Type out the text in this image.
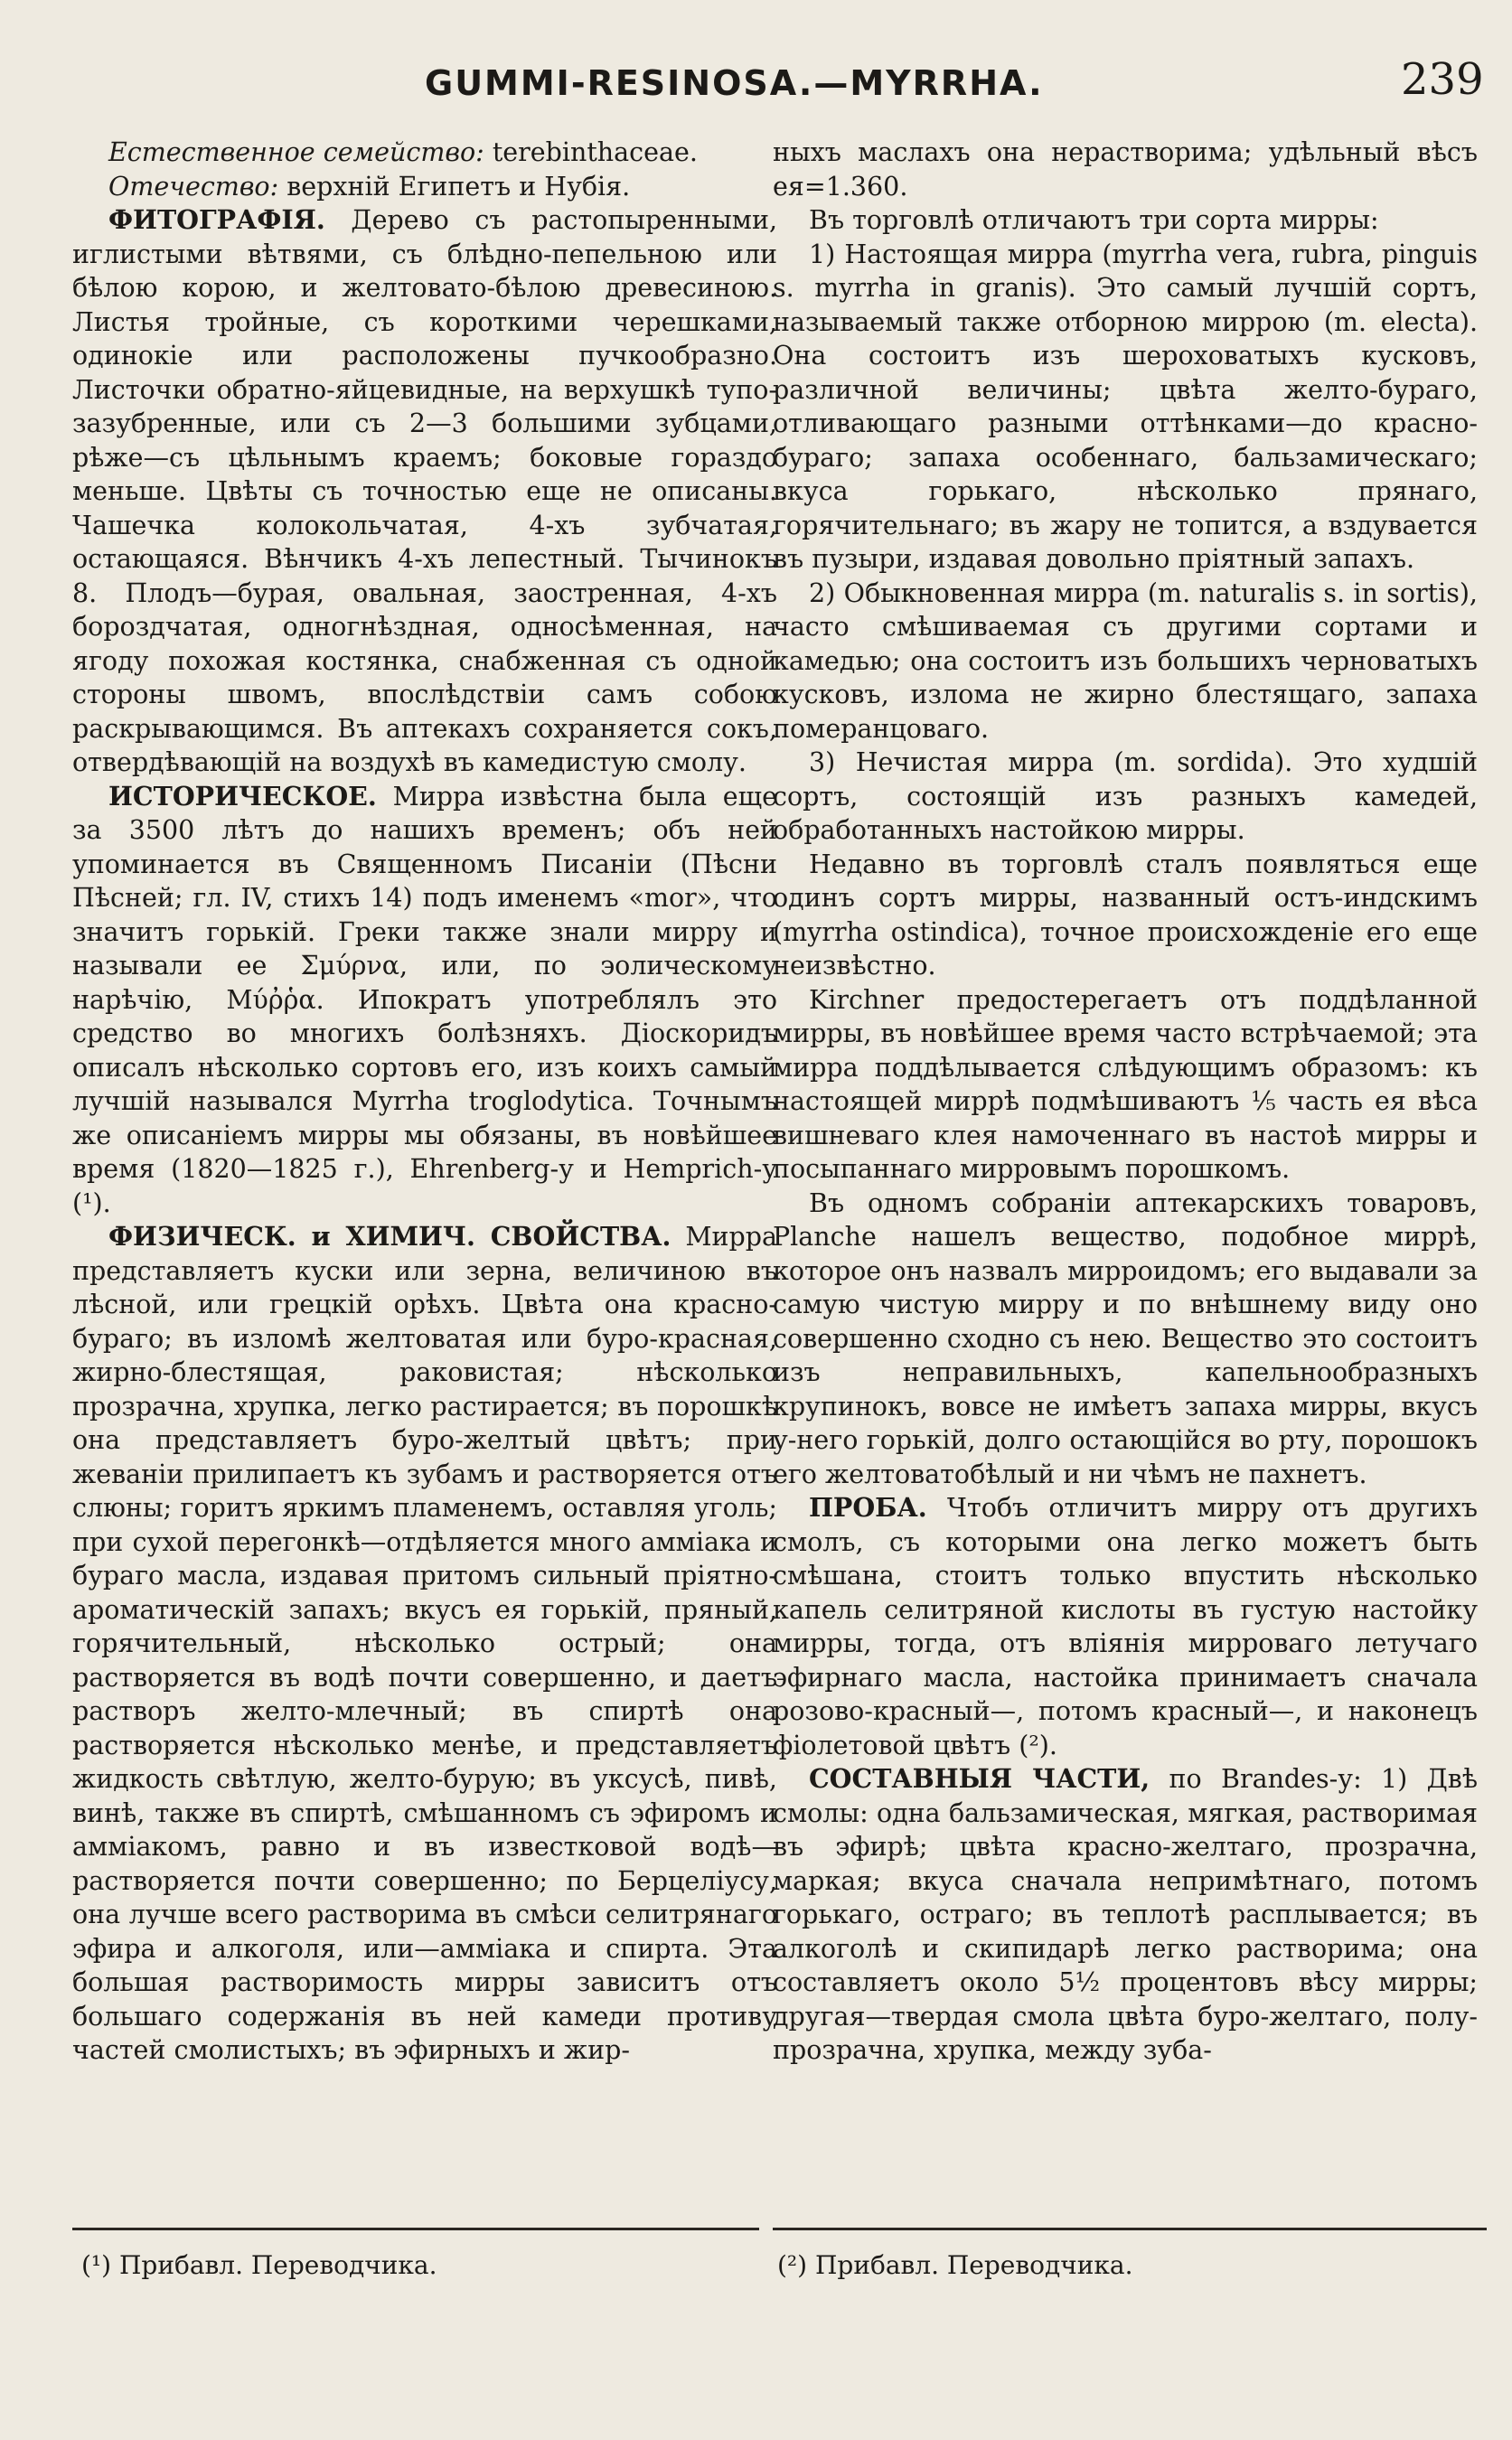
GUMMI-RESINOSA.—MYRRHA.	239

Естественное семейство: terebinthaceae.

Отечество: верхнiй Египетъ и Нубiя.

ФИТОГРАФIЯ. Дерево съ растопыренными, иглистыми вѣтвями, съ блѣдно-пепельною или бѣлою корою, и желтовато-бѣлою древесиною. Листья тройные, съ короткими черешками, одинокiе или расположены пучкообразно. Листочки обратно-яйцевидные, на верхушкѣ тупо-зазубренные, или съ 2—3 большими зубцами, рѣже—съ цѣльнымъ краемъ; боковые гораздо меньше. Цвѣты съ точностью еще не описаны. Чашечка колокольчатая, 4-хъ зубчатая, остающаяся. Вѣнчикъ 4-хъ лепестный. Тычинокъ 8. Плодъ—бурая, овальная, заостренная, 4-хъ бороздчатая, одногнѣздная, односѣменная, на ягоду похожая костянка, снабженная съ одной стороны швомъ, впослѣдствiи самъ собою раскрывающимся. Въ аптекахъ сохраняется сокъ, отвердѣвающiй на воздухѣ въ камедистую смолу.

ИСТОРИЧЕСКОЕ. Мирра извѣстна была еще за 3500 лѣтъ до нашихъ временъ; объ ней упоминается въ Священномъ Писанiи (Пѣсни Пѣсней; гл. IV, стихъ 14) подъ именемъ «mor», что значитъ горькiй. Греки также знали мирру и называли ее Σμύρνα, или, по эолическому нарѣчiю, Μύῤῥα. Ипократъ употреблялъ это средство во многихъ болѣзняхъ. Дiоскоридъ описалъ нѣсколько сортовъ его, изъ коихъ самый лучшiй назывался Myrrha troglodytica. Точнымъ же описанiемъ мирры мы обязаны, въ новѣйшее время (1820—1825 г.), Ehrenberg-у и Hemprich-у (¹).

ФИЗИЧЕСК. и ХИМИЧ. СВОЙСТВА. Мирра представляетъ куски или зерна, величиною въ лѣсной, или грецкiй орѣхъ. Цвѣта она красно-бураго; въ изломѣ желтоватая или буро-красная, жирно-блестящая, раковистая; нѣсколько прозрачна, хрупка, легко растирается; въ порошкѣ она представляетъ буро-желтый цвѣтъ; при жеванiи прилипаетъ къ зубамъ и растворяется отъ слюны; горитъ яркимъ пламенемъ, оставляя уголь; при сухой перегонкѣ—отдѣляется много аммiака и бураго масла, издавая притомъ сильный прiятно-ароматическiй запахъ; вкусъ ея горькiй, пряный, горячительный, нѣсколько острый; она растворяется въ водѣ почти совершенно, и даетъ растворъ желто-млечный; въ спиртѣ она растворяется нѣсколько менѣе, и представляетъ жидкость свѣтлую, желто-бурую; въ уксусѣ, пивѣ, винѣ, также въ спиртѣ, смѣшанномъ съ эфиромъ и аммiакомъ, равно и въ известковой водѣ—растворяется почти совершенно; по Берцелiусу, она лучше всего растворима въ смѣси селитрянаго эфира и алкоголя, или—аммiака и спирта. Эта большая растворимость мирры зависитъ отъ большаго содержанiя въ ней камеди противу частей смолистыхъ; въ эфирныхъ и жир-

ныхъ маслахъ она нерастворима; удѣльный вѣсъ ея=1.360.

Въ торговлѣ отличаютъ три сорта мирры:

1) Настоящая мирра (myrrha vera, rubra, pinguis s. myrrha in granis). Это самый лучшiй сортъ, называемый также отборною миррою (m. electa). Она состоитъ изъ шероховатыхъ кусковъ, различной величины; цвѣта желто-бураго, отливающаго разными оттѣнками—до красно-бураго; запаха особеннаго, бальзамическаго; вкуса горькаго, нѣсколько прянаго, горячительнаго; въ жару не топится, а вздувается въ пузыри, издавая довольно прiятный запахъ.

2) Обыкновенная мирра (m. naturalis s. in sortis), часто смѣшиваемая съ другими сортами и камедью; она состоитъ изъ большихъ черноватыхъ кусковъ, излома не жирно блестящаго, запаха померанцоваго.

3) Нечистая мирра (m. sordida). Это худшiй сортъ, состоящiй изъ разныхъ камедей, обработанныхъ настойкою мирры.

Недавно въ торговлѣ сталъ появляться еще одинъ сортъ мирры, названный остъ-индскимъ (myrrha ostindica), точное происхожденiе его еще неизвѣстно.

Kirchner предостерегаетъ отъ поддѣланной мирры, въ новѣйшее время часто встрѣчаемой; эта мирра поддѣлывается слѣдующимъ образомъ: къ настоящей миррѣ подмѣшиваютъ ⅕ часть ея вѣса вишневаго клея намоченнаго въ настоѣ мирры и посыпаннаго мирровымъ порошкомъ.

Въ одномъ собранiи аптекарскихъ товаровъ, Planche нашелъ вещество, подобное миррѣ, которое онъ назвалъ мирроидомъ; его выдавали за самую чистую мирру и по внѣшнему виду оно совершенно сходно съ нею. Вещество это состоитъ изъ неправильныхъ, капельнообразныхъ крупинокъ, вовсе не имѣетъ запаха мирры, вкусъ у-него горькiй, долго остающiйся во рту, порошокъ его желтоватобѣлый и ни чѣмъ не пахнетъ.

ПРОБА. Чтобъ отличитъ мирру отъ другихъ смолъ, съ которыми она легко можетъ быть смѣшана, стоитъ только впустить нѣсколько капель селитряной кислоты въ густую настойку мирры, тогда, отъ влiянiя мирроваго летучаго эфирнаго масла, настойка принимаетъ сначала розово-красный—, потомъ красный—, и наконецъ фiолетовой цвѣтъ (²).

СОСТАВНЫЯ ЧАСТИ, по Brandes-у: 1) Двѣ смолы: одна бальзамическая, мягкая, растворимая въ эфирѣ; цвѣта красно-желтаго, прозрачна, маркая; вкуса сначала непримѣтнаго, потомъ горькаго, остраго; въ теплотѣ расплывается; въ алкоголѣ и скипидарѣ легко растворима; она составляетъ около 5½ процентовъ вѣсу мирры; другая—твердая смола цвѣта буро-желтаго, полу-прозрачна, хрупка, между зуба-

(¹) Прибавл. Переводчика.	(²) Прибавл. Переводчика.
